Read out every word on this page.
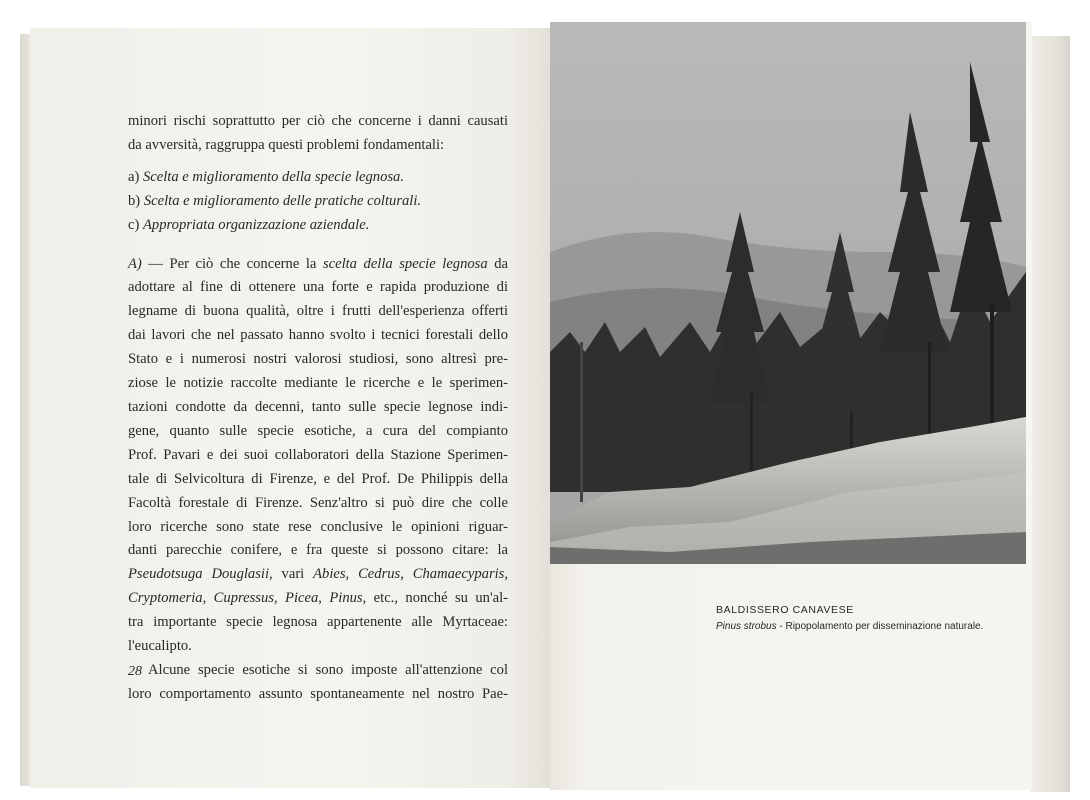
minori rischi soprattutto per ciò che concerne i danni causati
da avversità, raggruppa questi problemi fondamentali:
a) Scelta e miglioramento della specie legnosa.
b) Scelta e miglioramento delle pratiche colturali.
c) Appropriata organizzazione aziendale.
A) — Per ciò che concerne la scelta della specie legnosa da
adottare al fine di ottenere una forte e rapida produzione di
legname di buona qualità, oltre i frutti dell'esperienza offerti
dai lavori che nel passato hanno svolto i tecnici forestali dello
Stato e i numerosi nostri valorosi studiosi, sono altresì pre-
ziose le notizie raccolte mediante le ricerche e le sperimen-
tazioni condotte da decenni, tanto sulle specie legnose indi-
gene, quanto sulle specie esotiche, a cura del compianto
Prof. Pavari e dei suoi collaboratori della Stazione Sperimen-
tale di Selvicoltura di Firenze, e del Prof. De Philippis della
Facoltà forestale di Firenze. Senz'altro si può dire che colle
loro ricerche sono state rese conclusive le opinioni riguar-
danti parecchie conifere, e fra queste si possono citare: la
Pseudotsuga Douglasii, vari Abies, Cedrus, Chamaecyparis,
Cryptomeria, Cupressus, Picea, Pinus, etc., nonché su un'al-
tra importante specie legnosa appartenente alle Myrtaceae:
l'eucalipto.
Alcune specie esotiche si sono imposte all'attenzione col
loro comportamento assunto spontaneamente nel nostro Pae-
28
BALDISSERO CANAVESE
Pinus strobus - Ripopolamento per disseminazione naturale.
